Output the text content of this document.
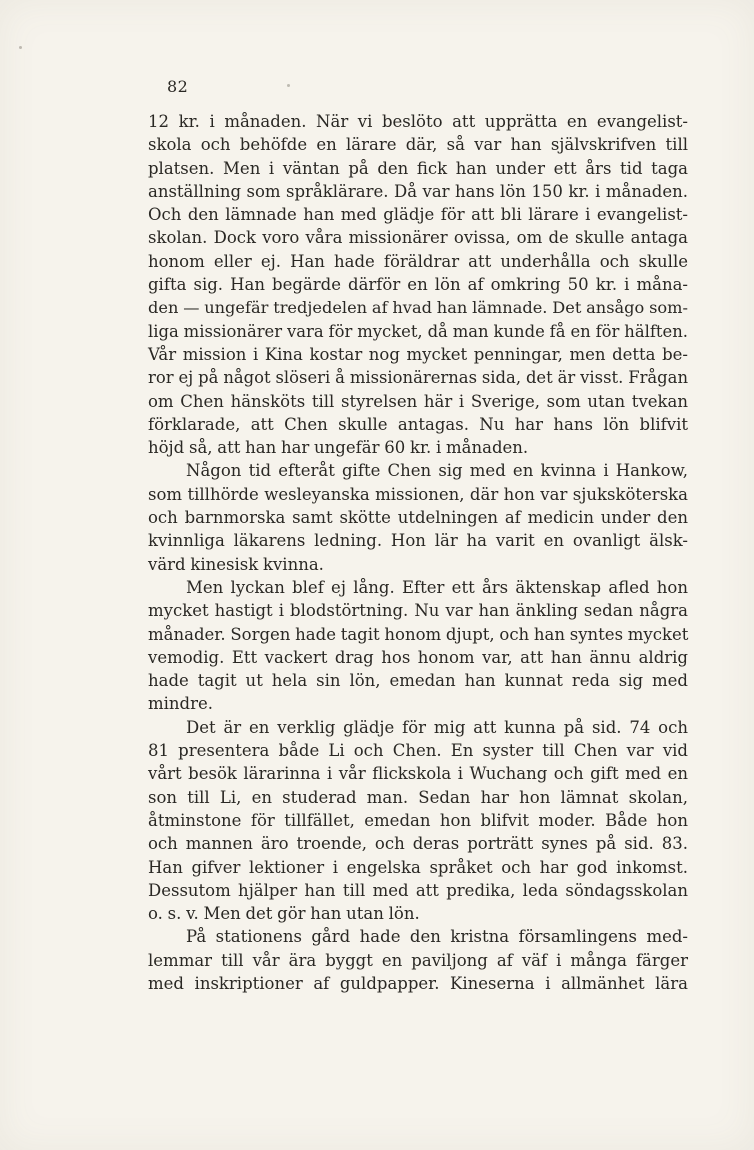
82
12 kr. i månaden. När vi beslöto att upprätta en evangelist-
skola och behöfde en lärare där, så var han självskrifven till
platsen. Men i väntan på den fick han under ett års tid taga
anställning som språklärare. Då var hans lön 150 kr. i månaden.
Och den lämnade han med glädje för att bli lärare i evangelist-
skolan. Dock voro våra missionärer ovissa, om de skulle antaga
honom eller ej. Han hade föräldrar att underhålla och skulle
gifta sig. Han begärde därför en lön af omkring 50 kr. i måna-
den — ungefär tredjedelen af hvad han lämnade. Det ansågo som-
liga missionärer vara för mycket, då man kunde få en för hälften.
Vår mission i Kina kostar nog mycket penningar, men detta be-
ror ej på något slöseri å missionärernas sida, det är visst. Frågan
om Chen hänsköts till styrelsen här i Sverige, som utan tvekan
förklarade, att Chen skulle antagas. Nu har hans lön blifvit
höjd så, att han har ungefär 60 kr. i månaden.
Någon tid efteråt gifte Chen sig med en kvinna i Hankow,
som tillhörde wesleyanska missionen, där hon var sjuksköterska
och barnmorska samt skötte utdelningen af medicin under den
kvinnliga läkarens ledning. Hon lär ha varit en ovanligt älsk-
värd kinesisk kvinna.
Men lyckan blef ej lång. Efter ett års äktenskap afled hon
mycket hastigt i blodstörtning. Nu var han änkling sedan några
månader. Sorgen hade tagit honom djupt, och han syntes mycket
vemodig. Ett vackert drag hos honom var, att han ännu aldrig
hade tagit ut hela sin lön, emedan han kunnat reda sig med
mindre.
Det är en verklig glädje för mig att kunna på sid. 74 och
81 presentera både Li och Chen. En syster till Chen var vid
vårt besök lärarinna i vår flickskola i Wuchang och gift med en
son till Li, en studerad man. Sedan har hon lämnat skolan,
åtminstone för tillfället, emedan hon blifvit moder. Både hon
och mannen äro troende, och deras porträtt synes på sid. 83.
Han gifver lektioner i engelska språket och har god inkomst.
Dessutom hjälper han till med att predika, leda söndagsskolan
o. s. v. Men det gör han utan lön.
På stationens gård hade den kristna församlingens med-
lemmar till vår ära byggt en paviljong af väf i många färger
med inskriptioner af guldpapper. Kineserna i allmänhet lära
